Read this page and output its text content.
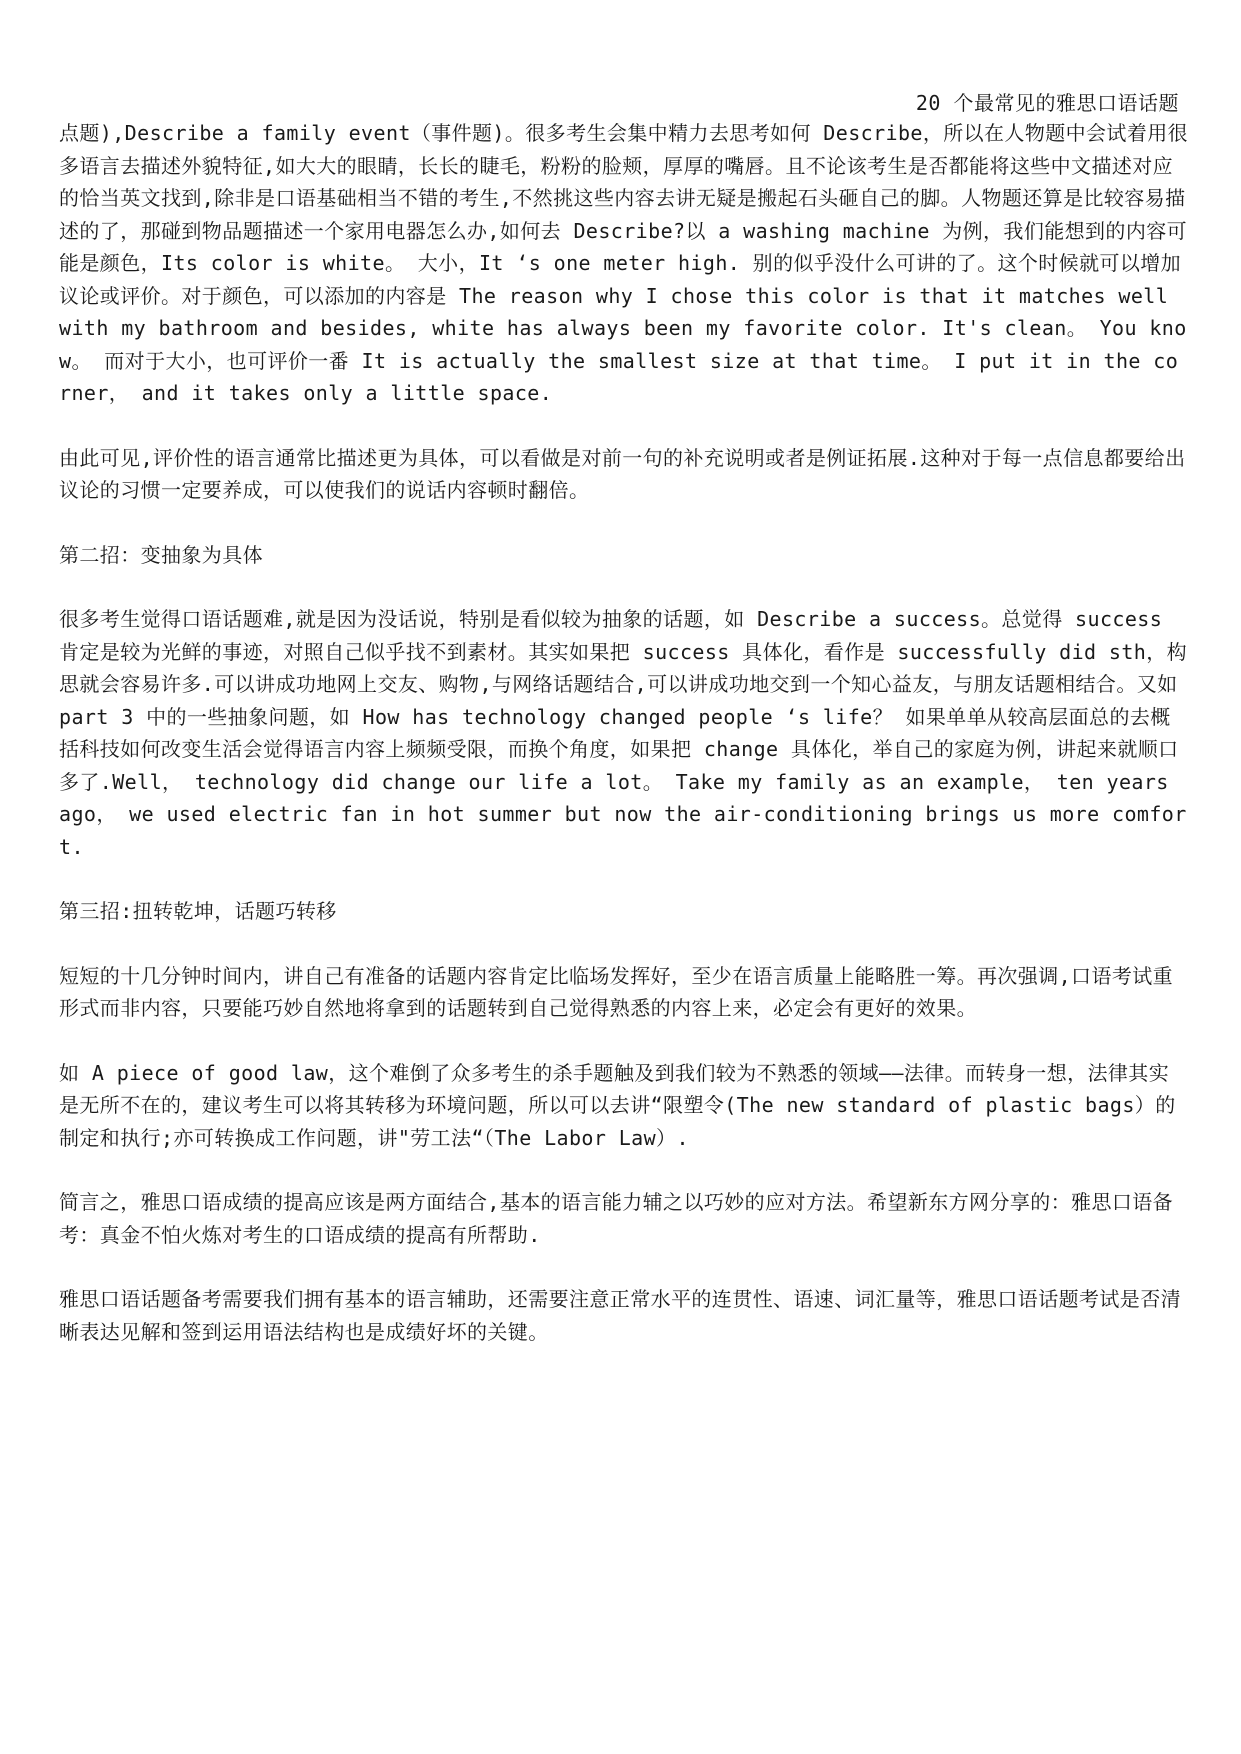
20 个最常见的雅思口语话题

点题),Describe a family event（事件题)。很多考生会集中精力去思考如何 Describe，所以在人物题中会试着用很多语言去描述外貌特征,如大大的眼睛，长长的睫毛，粉粉的脸颊，厚厚的嘴唇。且不论该考生是否都能将这些中文描述对应的恰当英文找到,除非是口语基础相当不错的考生,不然挑这些内容去讲无疑是搬起石头砸自己的脚。人物题还算是比较容易描述的了，那碰到物品题描述一个家用电器怎么办,如何去 Describe?以 a washing machine 为例，我们能想到的内容可能是颜色，Its color is white。 大小，It ‘s one meter high. 别的似乎没什么可讲的了。这个时候就可以增加议论或评价。对于颜色，可以添加的内容是 The reason why I chose this color is that it matches well with my bathroom and besides, white has always been my favorite color. It's clean。 You know。 而对于大小，也可评价一番 It is actually the smallest size at that time。 I put it in the corner， and it takes only a little space.

由此可见,评价性的语言通常比描述更为具体，可以看做是对前一句的补充说明或者是例证拓展.这种对于每一点信息都要给出议论的习惯一定要养成，可以使我们的说话内容顿时翻倍。

第二招：变抽象为具体

很多考生觉得口语话题难,就是因为没话说，特别是看似较为抽象的话题，如 Describe a success。总觉得 success 肯定是较为光鲜的事迹，对照自己似乎找不到素材。其实如果把 success 具体化，看作是 successfully did sth，构思就会容易许多.可以讲成功地网上交友、购物,与网络话题结合,可以讲成功地交到一个知心益友，与朋友话题相结合。又如 part 3 中的一些抽象问题，如 How has technology changed people ‘s life？ 如果单单从较高层面总的去概括科技如何改变生活会觉得语言内容上频频受限，而换个角度，如果把 change 具体化，举自己的家庭为例，讲起来就顺口多了.Well， technology did change our life a lot。 Take my family as an example， ten years ago， we used electric fan in hot summer but now the air-conditioning brings us more comfort.

第三招:扭转乾坤，话题巧转移

短短的十几分钟时间内，讲自己有准备的话题内容肯定比临场发挥好，至少在语言质量上能略胜一筹。再次强调,口语考试重形式而非内容，只要能巧妙自然地将拿到的话题转到自己觉得熟悉的内容上来，必定会有更好的效果。

如 A piece of good law，这个难倒了众多考生的杀手题触及到我们较为不熟悉的领域——法律。而转身一想，法律其实是无所不在的，建议考生可以将其转移为环境问题，所以可以去讲“限塑令(The new standard of plastic bags）的制定和执行;亦可转换成工作问题，讲"劳工法“（The Labor Law）.

简言之，雅思口语成绩的提高应该是两方面结合,基本的语言能力辅之以巧妙的应对方法。希望新东方网分享的：雅思口语备考：真金不怕火炼对考生的口语成绩的提高有所帮助.

雅思口语话题备考需要我们拥有基本的语言辅助，还需要注意正常水平的连贯性、语速、词汇量等，雅思口语话题考试是否清晰表达见解和签到运用语法结构也是成绩好坏的关键。
